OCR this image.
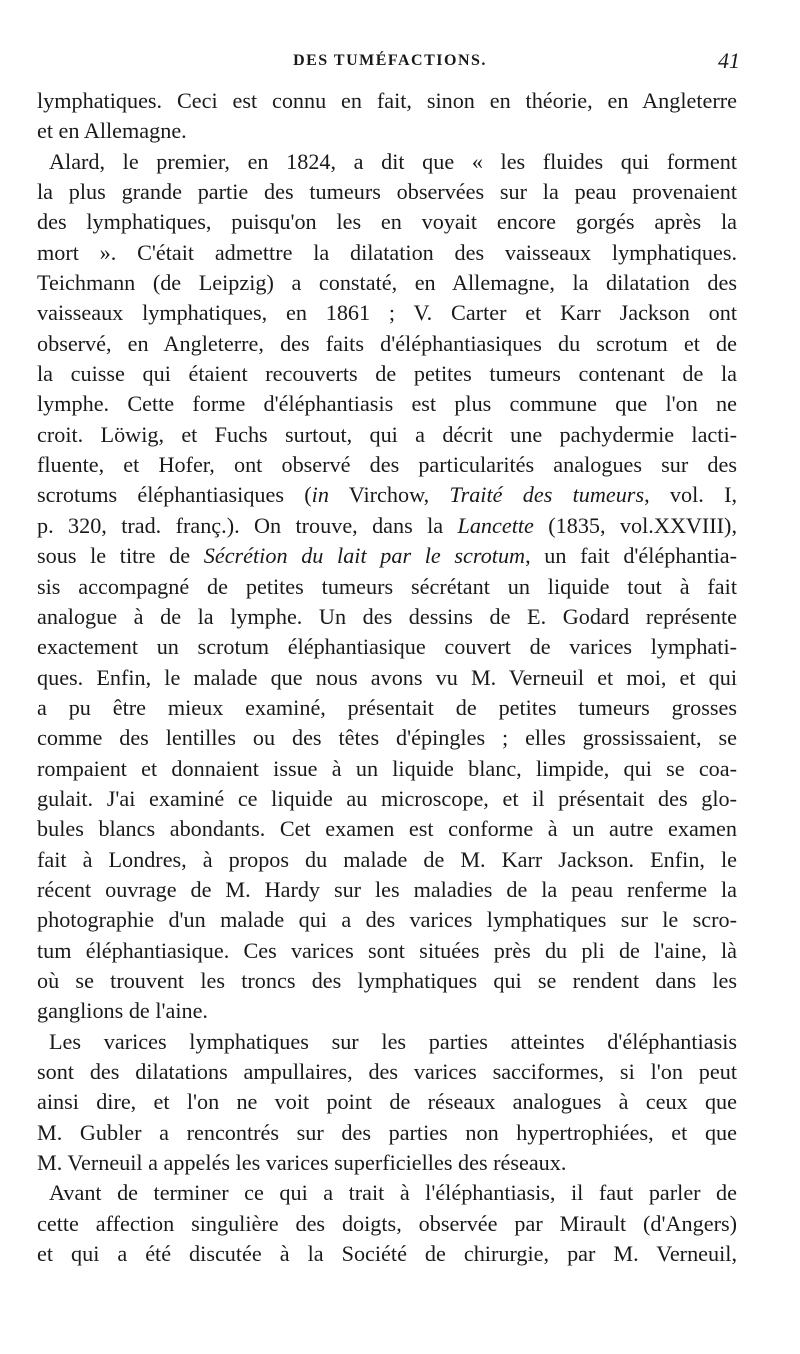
DES TUMÉFACTIONS.	41
lymphatiques. Ceci est connu en fait, sinon en théorie, en Angleterre
et en Allemagne.
Alard, le premier, en 1824, a dit que « les fluides qui forment
la plus grande partie des tumeurs observées sur la peau provenaient
des lymphatiques, puisqu'on les en voyait encore gorgés après la
mort ». C'était admettre la dilatation des vaisseaux lymphatiques.
Teichmann (de Leipzig) a constaté, en Allemagne, la dilatation des
vaisseaux lymphatiques, en 1861 ; V. Carter et Karr Jackson ont
observé, en Angleterre, des faits d'éléphantiasiques du scrotum et de
la cuisse qui étaient recouverts de petites tumeurs contenant de la
lymphe. Cette forme d'éléphantiasis est plus commune que l'on ne
croit. Löwig, et Fuchs surtout, qui a décrit une pachydermie lacti-
fluente, et Hofer, ont observé des particularités analogues sur des
scrotums éléphantiasiques (in Virchow, Traité des tumeurs, vol. I,
p. 320, trad. franç.). On trouve, dans la Lancette (1835, vol.XXVIII),
sous le titre de Sécrétion du lait par le scrotum, un fait d'éléphantia-
sis accompagné de petites tumeurs sécrétant un liquide tout à fait
analogue à de la lymphe. Un des dessins de E. Godard représente
exactement un scrotum éléphantiasique couvert de varices lymphati-
ques. Enfin, le malade que nous avons vu M. Verneuil et moi, et qui
a pu être mieux examiné, présentait de petites tumeurs grosses
comme des lentilles ou des têtes d'épingles ; elles grossissaient, se
rompaient et donnaient issue à un liquide blanc, limpide, qui se coa-
gulait. J'ai examiné ce liquide au microscope, et il présentait des glo-
bules blancs abondants. Cet examen est conforme à un autre examen
fait à Londres, à propos du malade de M. Karr Jackson. Enfin, le
récent ouvrage de M. Hardy sur les maladies de la peau renferme la
photographie d'un malade qui a des varices lymphatiques sur le scro-
tum éléphantiasique. Ces varices sont situées près du pli de l'aine, là
où se trouvent les troncs des lymphatiques qui se rendent dans les
ganglions de l'aine.
Les varices lymphatiques sur les parties atteintes d'éléphantiasis
sont des dilatations ampullaires, des varices sacciformes, si l'on peut
ainsi dire, et l'on ne voit point de réseaux analogues à ceux que
M. Gubler a rencontrés sur des parties non hypertrophiées, et que
M. Verneuil a appelés les varices superficielles des réseaux.
Avant de terminer ce qui a trait à l'éléphantiasis, il faut parler de
cette affection singulière des doigts, observée par Mirault (d'Angers)
et qui a été discutée à la Société de chirurgie, par M. Verneuil,
